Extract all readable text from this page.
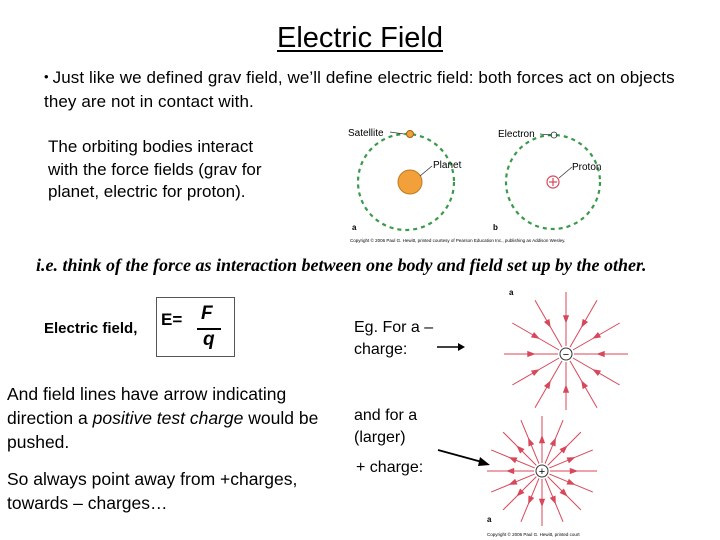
Electric Field
• Just like we defined grav field, we’ll define electric field: both forces act on objects they are not in contact with.
The orbiting bodies interact with the force fields (grav for planet, electric for proton).
Satellite
Planet
a
Electron
Proton
b
Copyright © 2006 Paul G. Hewitt, printed courtesy of Pearson Education Inc., publishing as Addison Wesley.
i.e. think of the force as interaction between one body and field set up by the other.
Electric field, E= F
q
And field lines have arrow indicating direction a positive test charge would be pushed.
So always point away from +charges, towards – charges…
Eg. For a – charge:
and for a (larger)
+ charge:
−
a
+
a
Copyright © 2006 Paul G. Hewitt, printed court
